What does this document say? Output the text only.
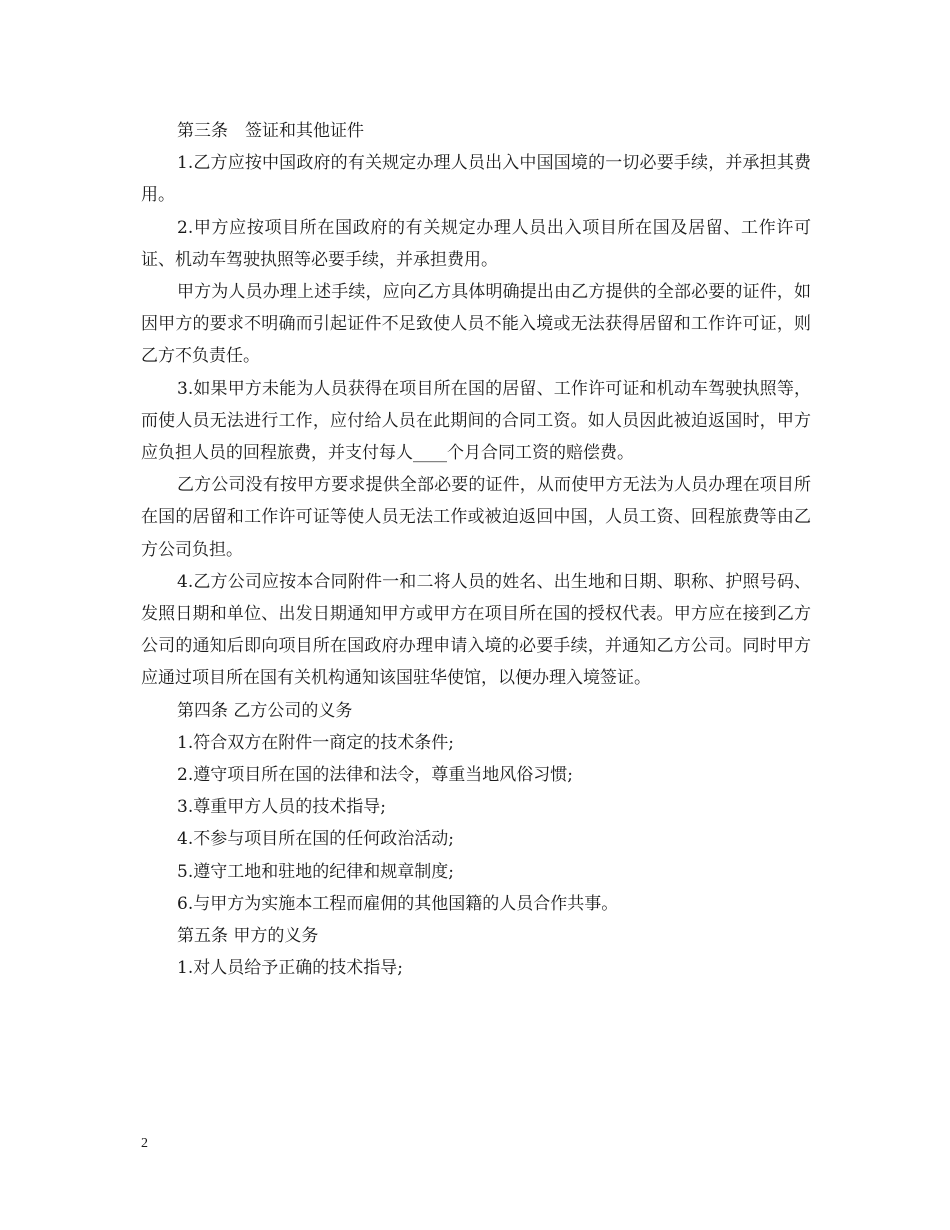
第三条　签证和其他证件

1.乙方应按中国政府的有关规定办理人员出入中国国境的一切必要手续，并承担其费用。

2.甲方应按项目所在国政府的有关规定办理人员出入项目所在国及居留、工作许可证、机动车驾驶执照等必要手续，并承担费用。

甲方为人员办理上述手续，应向乙方具体明确提出由乙方提供的全部必要的证件，如因甲方的要求不明确而引起证件不足致使人员不能入境或无法获得居留和工作许可证，则乙方不负责任。

3.如果甲方未能为人员获得在项目所在国的居留、工作许可证和机动车驾驶执照等，而使人员无法进行工作，应付给人员在此期间的合同工资。如人员因此被迫返国时，甲方应负担人员的回程旅费，并支付每人____个月合同工资的赔偿费。

乙方公司没有按甲方要求提供全部必要的证件，从而使甲方无法为人员办理在项目所在国的居留和工作许可证等使人员无法工作或被迫返回中国，人员工资、回程旅费等由乙方公司负担。

4.乙方公司应按本合同附件一和二将人员的姓名、出生地和日期、职称、护照号码、发照日期和单位、出发日期通知甲方或甲方在项目所在国的授权代表。甲方应在接到乙方公司的通知后即向项目所在国政府办理申请入境的必要手续，并通知乙方公司。同时甲方应通过项目所在国有关机构通知该国驻华使馆，以便办理入境签证。

第四条 乙方公司的义务

1.符合双方在附件一商定的技术条件;

2.遵守项目所在国的法律和法令，尊重当地风俗习惯;

3.尊重甲方人员的技术指导;

4.不参与项目所在国的任何政治活动;

5.遵守工地和驻地的纪律和规章制度;

6.与甲方为实施本工程而雇佣的其他国籍的人员合作共事。

第五条 甲方的义务

1.对人员给予正确的技术指导;

2
